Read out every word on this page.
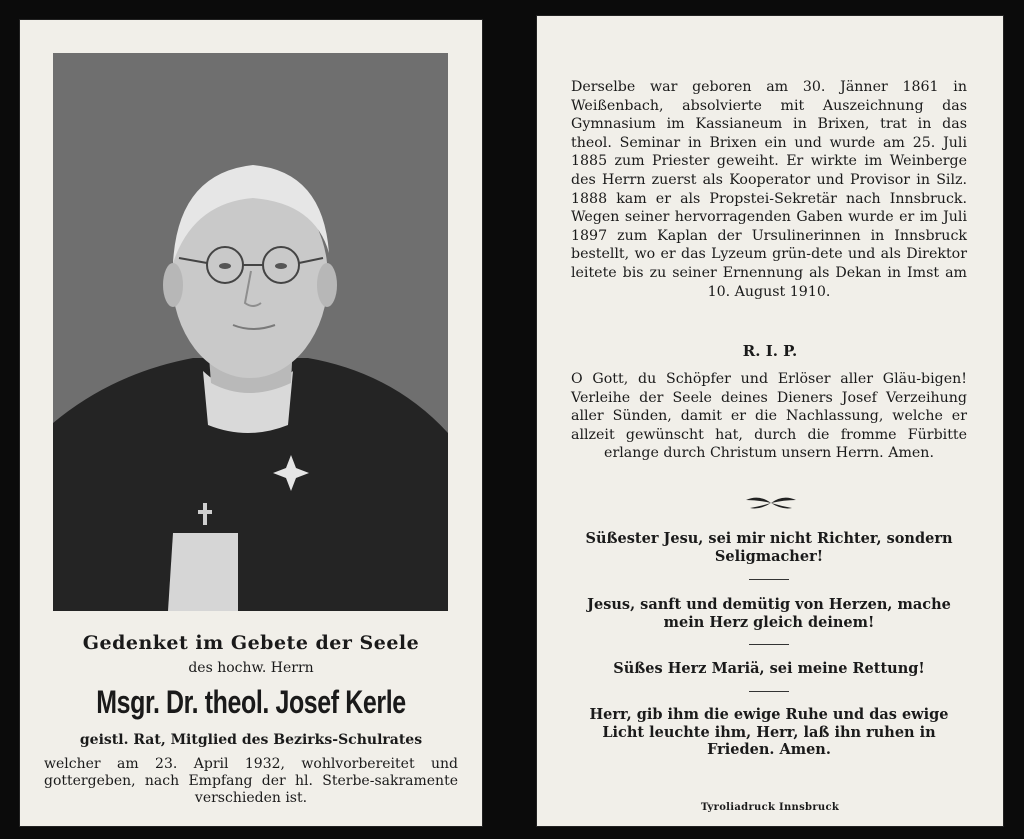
Gedenket im Gebete der Seele
des hochw. Herrn
Msgr. Dr. theol. Josef Kerle
geistl. Rat, Mitglied des Bezirks-Schulrates
welcher am 23. April 1932, wohlvorbereitet und gottergeben, nach Empfang der hl. Sterbe-sakramente verschieden ist.
Derselbe war geboren am 30. Jänner 1861 in Weißenbach, absolvierte mit Auszeichnung das Gymnasium im Kassianeum in Brixen, trat in das theol. Seminar in Brixen ein und wurde am 25. Juli 1885 zum Priester geweiht. Er wirkte im Weinberge des Herrn zuerst als Kooperator und Provisor in Silz. 1888 kam er als Propstei-Sekretär nach Innsbruck. Wegen seiner hervorragenden Gaben wurde er im Juli 1897 zum Kaplan der Ursulinerinnen in Innsbruck bestellt, wo er das Lyzeum grün-dete und als Direktor leitete bis zu seiner Ernennung als Dekan in Imst am 10. August 1910.
R. I. P.
O Gott, du Schöpfer und Erlöser aller Gläu-bigen! Verleihe der Seele deines Dieners Josef Verzeihung aller Sünden, damit er die Nachlassung, welche er allzeit gewünscht hat, durch die fromme Fürbitte erlange durch Christum unsern Herrn. Amen.
Süßester Jesu, sei mir nicht Richter, sondern Seligmacher!
Jesus, sanft und demütig von Herzen, mache mein Herz gleich deinem!
Süßes Herz Mariä, sei meine Rettung!
Herr, gib ihm die ewige Ruhe und das ewige Licht leuchte ihm, Herr, laß ihn ruhen in Frieden. Amen.
Tyroliadruck Innsbruck
